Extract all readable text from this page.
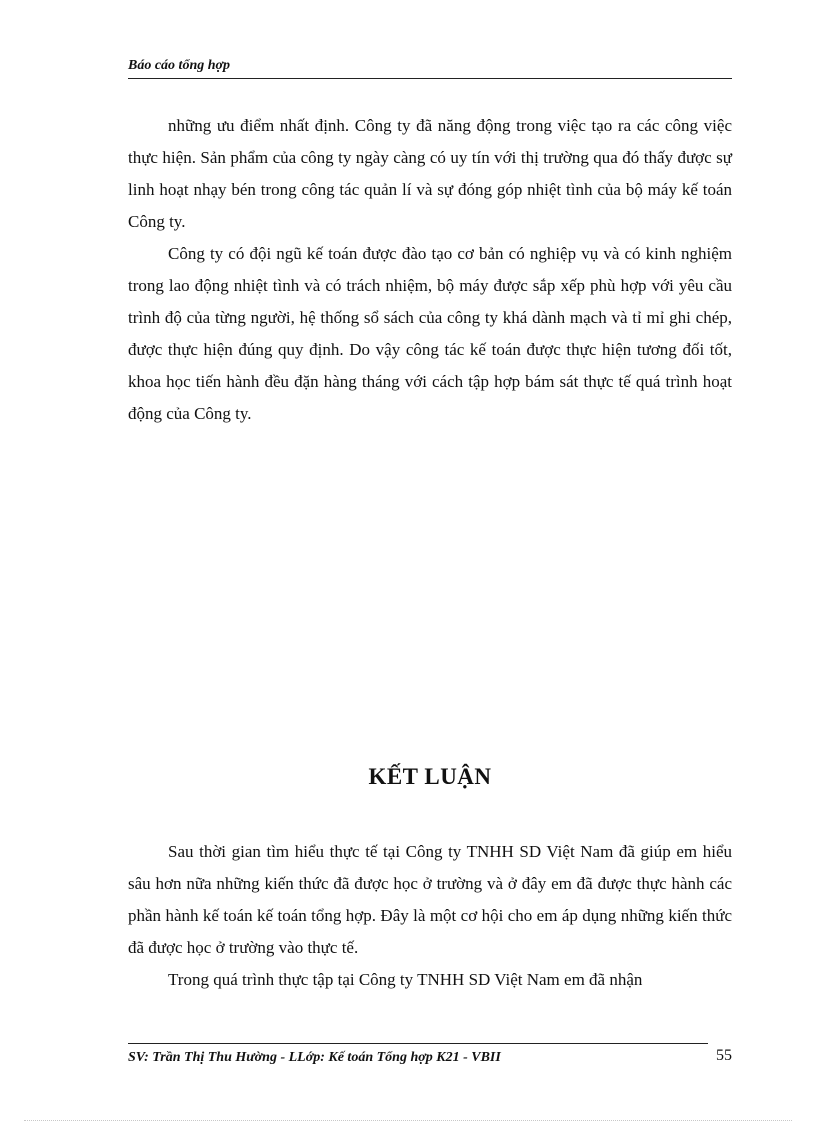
Báo cáo tổng hợp

những ưu điểm nhất định. Công ty đã năng động trong việc tạo ra các công việc thực hiện. Sản phẩm của công ty ngày càng có uy tín với thị trường qua đó thấy được sự linh hoạt nhạy bén trong công tác quản lí và sự đóng góp nhiệt tình của bộ máy kế toán Công ty.

Công ty có đội ngũ kế toán được đào tạo cơ bản có nghiệp vụ và có kinh nghiệm trong lao động nhiệt tình và có trách nhiệm, bộ máy được sắp xếp phù hợp với yêu cầu trình độ của từng người, hệ thống sổ sách của công ty khá dành mạch và tỉ mỉ ghi chép, được thực hiện đúng quy định. Do vậy công tác kế toán được thực hiện tương đối tốt, khoa học tiến hành đều đặn hàng tháng với cách tập hợp bám sát thực tế quá trình hoạt động của Công ty.

KẾT LUẬN

Sau thời gian tìm hiểu thực tế tại Công ty TNHH SD Việt Nam đã giúp em hiểu sâu hơn nữa những kiến thức đã được học ở trường và ở đây em đã được thực hành các phần hành kế toán kế toán tổng hợp. Đây là một cơ hội cho em áp dụng những kiến thức đã được học ở trường vào thực tế.

Trong quá trình thực tập tại Công ty TNHH SD Việt Nam em đã nhận

SV: Trần Thị Thu Hường - LLớp: Kế toán Tổng hợp K21 - VBII	55
